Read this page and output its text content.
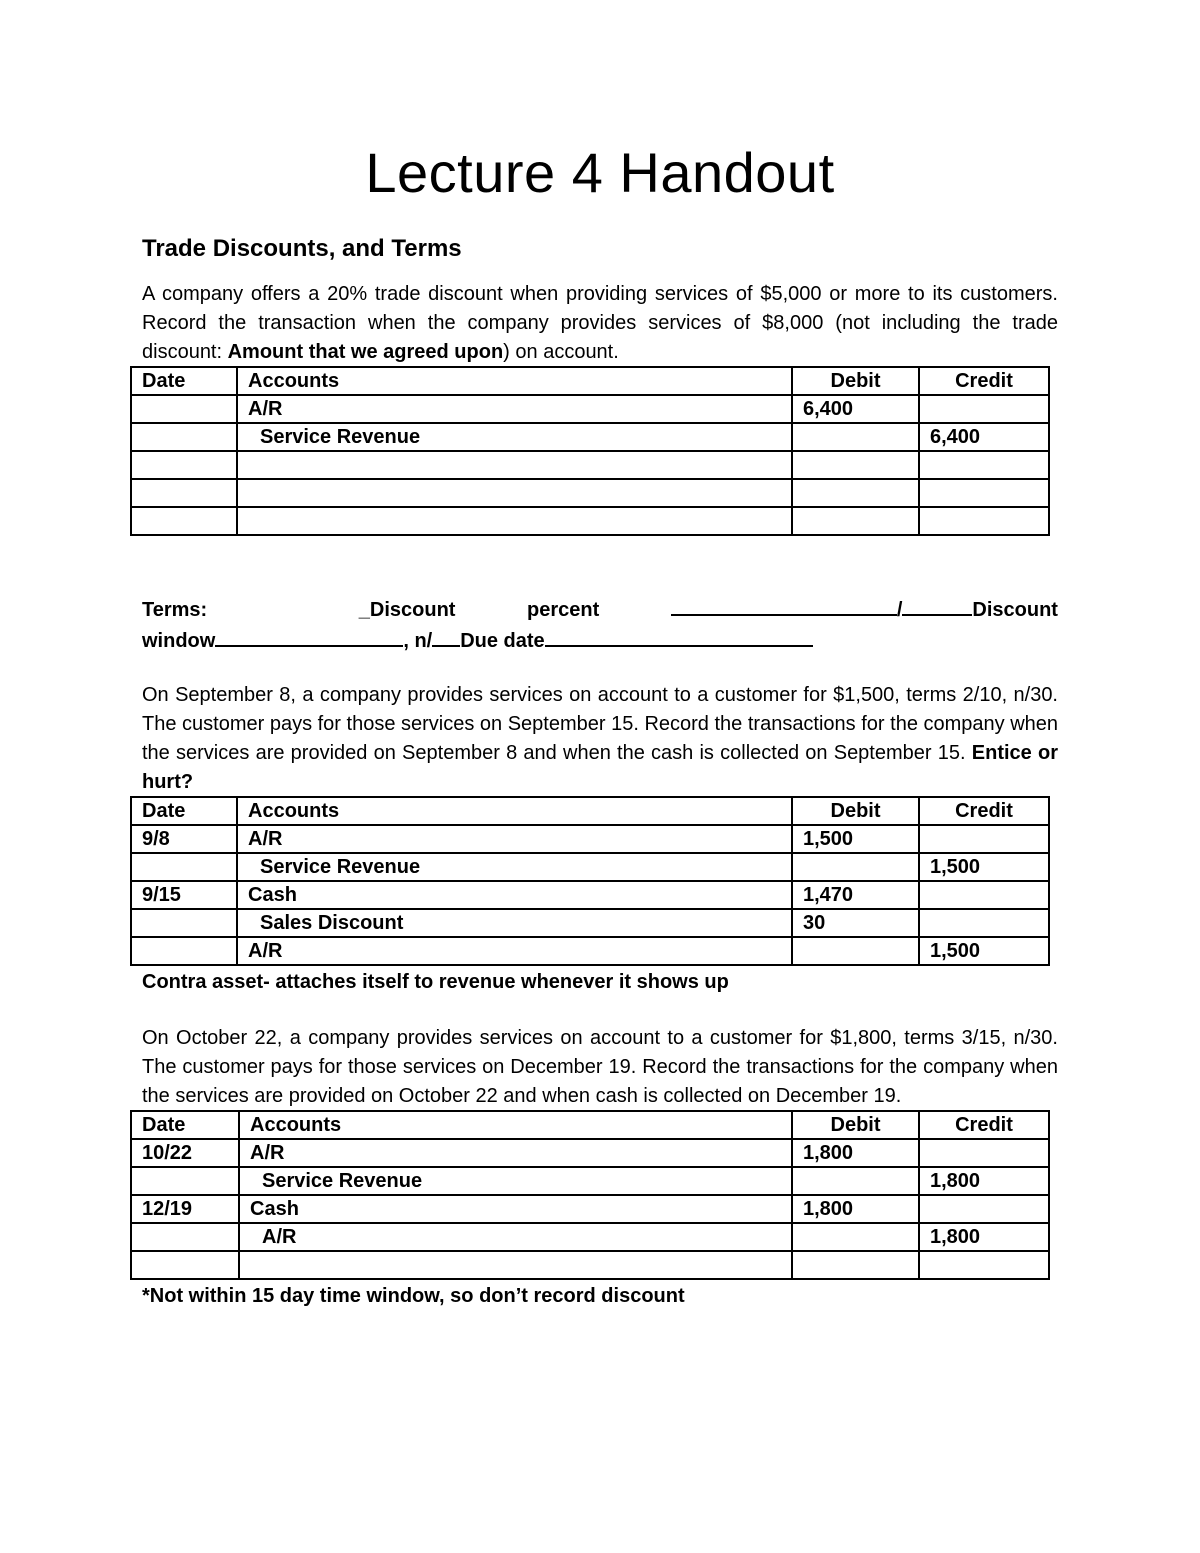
Lecture 4 Handout
Trade Discounts, and Terms

A company offers a 20% trade discount when providing services of $5,000 or more to its customers. Record the transaction when the company provides services of $8,000 (not including the trade discount: Amount that we agreed upon) on account.

Date	Accounts	Debit	Credit
	A/R	6,400	
	Service Revenue		6,400

Terms:	_Discount	percent	/	Discount
window	, n/ Due date

On September 8, a company provides services on account to a customer for $1,500, terms 2/10, n/30. The customer pays for those services on September 15. Record the transactions for the company when the services are provided on September 8 and when the cash is collected on September 15. Entice or hurt?

Date	Accounts	Debit	Credit
9/8	A/R	1,500	
	Service Revenue		1,500
9/15	Cash	1,470	
	Sales Discount	30	
	A/R		1,500

Contra asset- attaches itself to revenue whenever it shows up

On October 22, a company provides services on account to a customer for $1,800, terms 3/15, n/30. The customer pays for those services on December 19. Record the transactions for the company when the services are provided on October 22 and when cash is collected on December 19.

Date	Accounts	Debit	Credit
10/22	A/R	1,800	
	Service Revenue		1,800
12/19	Cash	1,800	
	A/R		1,800

*Not within 15 day time window, so don’t record discount
